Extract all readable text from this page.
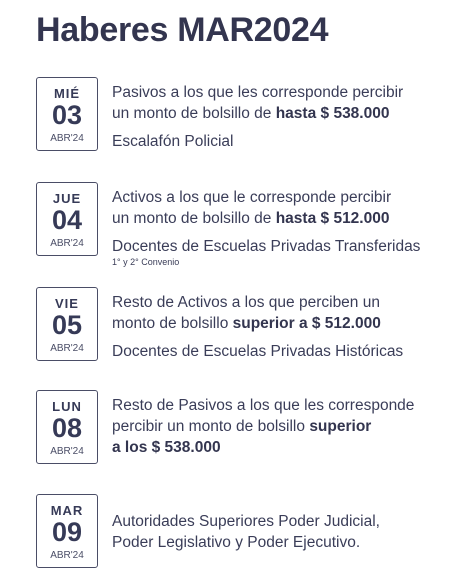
Haberes MAR2024
MIÉ
03
ABR'24

Pasivos a los que les corresponde percibir

un monto de bolsillo de hasta $ 538.000

Escalafón Policial

JUE
04
ABR'24

Activos a los que le corresponde percibir

un monto de bolsillo de hasta $ 512.000

Docentes de Escuelas Privadas Transferidas

1° y 2° Convenio

VIE
05
ABR'24

Resto de Activos a los que perciben un

monto de bolsillo superior a $ 512.000

Docentes de Escuelas Privadas Históricas

LUN
08
ABR'24

Resto de Pasivos a los que les corresponde

percibir un monto de bolsillo superior

a los $ 538.000

MAR
09
ABR'24

Autoridades Superiores Poder Judicial,

Poder Legislativo y Poder Ejecutivo.
